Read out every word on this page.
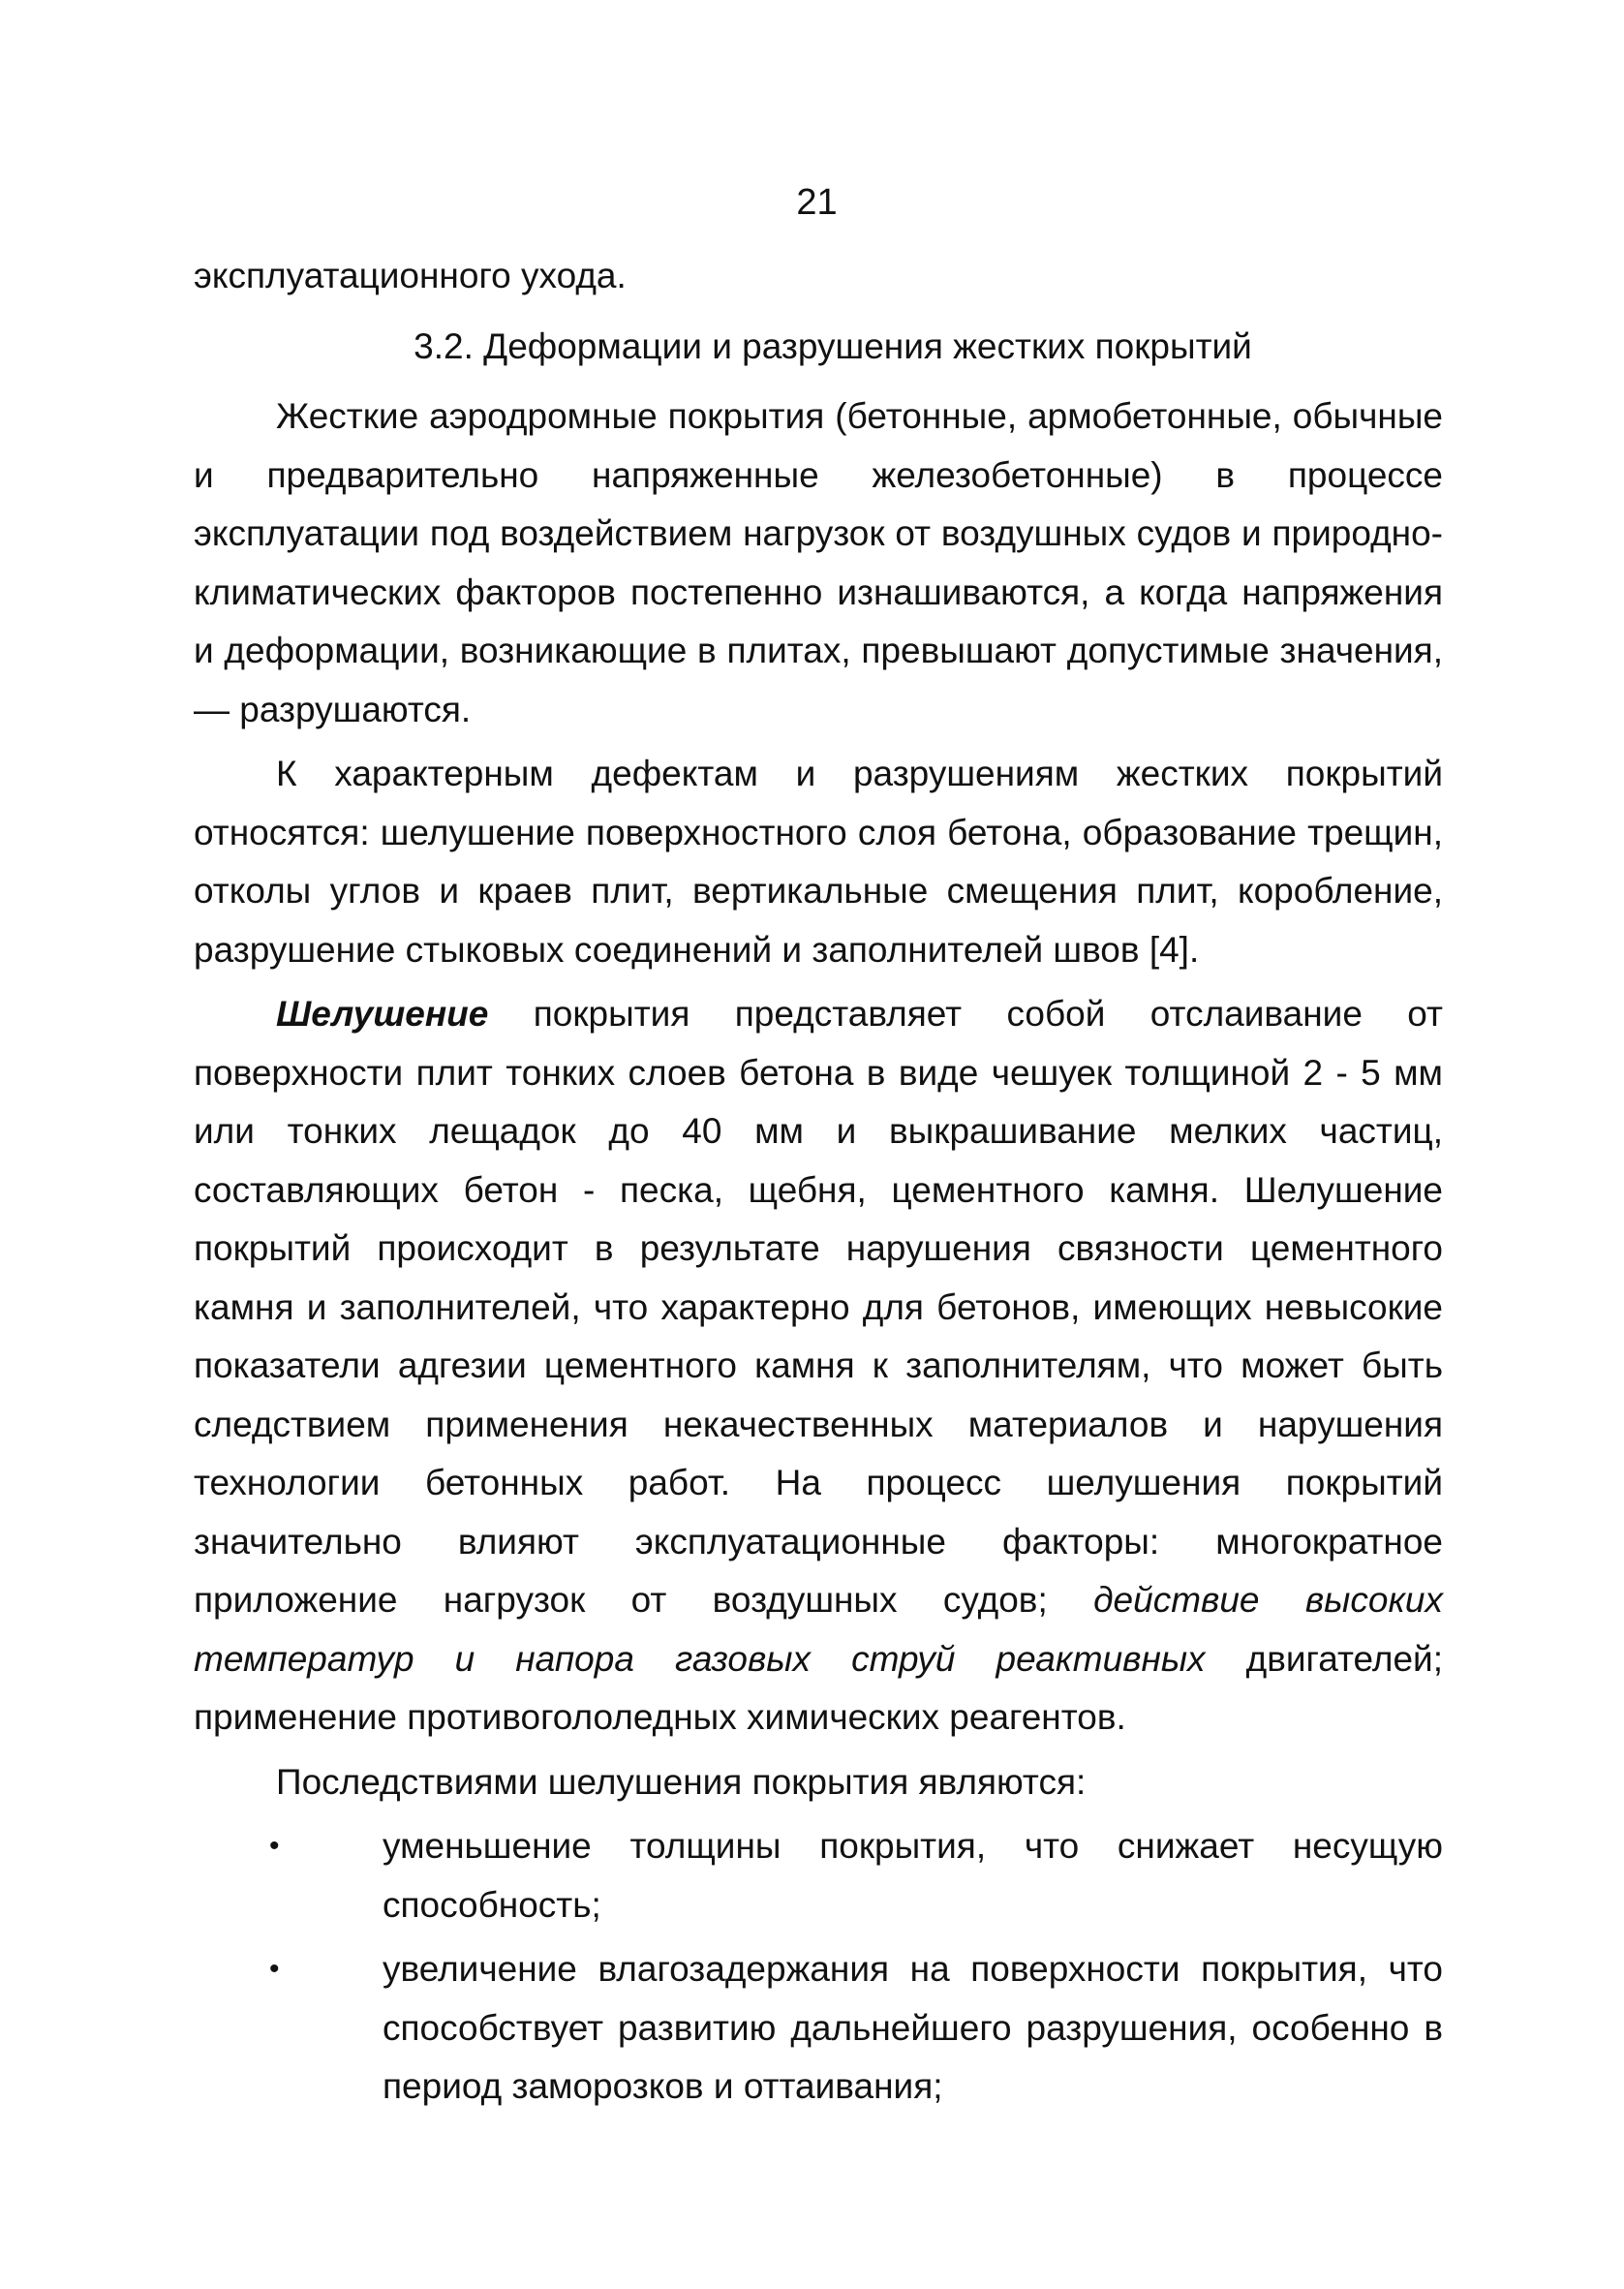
21
эксплуатационного ухода.
3.2. Деформации и разрушения жестких покрытий

Жесткие аэродромные покрытия (бетонные, армобетонные, обычные и предварительно напряженные железобетонные) в процессе эксплуатации под воздействием нагрузок от воздушных судов и природно-климатических факторов постепенно изнашиваются, а когда напряжения и деформации, возникающие в плитах, превышают допустимые значения, — разрушаются.

К характерным дефектам и разрушениям жестких покрытий относятся: шелушение поверхностного слоя бетона, образование трещин, отколы углов и краев плит, вертикальные смещения плит, коробление, разрушение стыковых соединений и заполнителей швов [4].

Шелушение покрытия представляет собой отслаивание от поверхности плит тонких слоев бетона в виде чешуек толщиной 2 - 5 мм или тонких лещадок до 40 мм и выкрашивание мелких частиц, составляющих бетон - песка, щебня, цементного камня. Шелушение покрытий происходит в результате нарушения связности цементного камня и заполнителей, что характерно для бетонов, имеющих невысокие показатели адгезии цементного камня к заполнителям, что может быть следствием применения некачественных материалов и нарушения технологии бетонных работ. На процесс шелушения покрытий значительно влияют эксплуатационные факторы: многократное приложение нагрузок от воздушных судов; действие высоких температур и напора газовых струй реактивных двигателей; применение противогололедных химических реагентов.

Последствиями шелушения покрытия являются:

•	уменьшение толщины покрытия, что снижает несущую способность;
•	увеличение влагозадержания на поверхности покрытия, что способствует развитию дальнейшего разрушения, особенно в период заморозков и оттаивания;
